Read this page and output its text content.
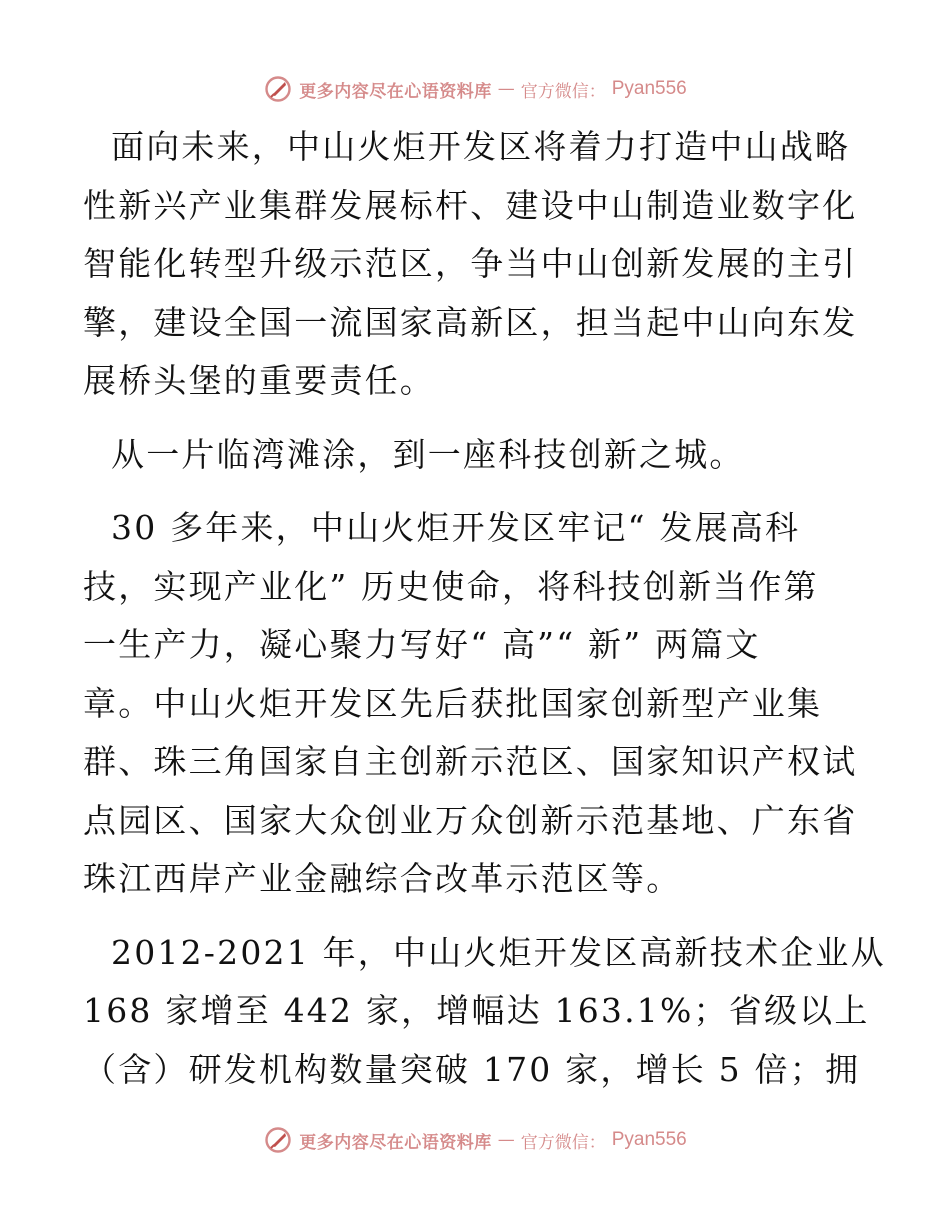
更多内容尽在心语资料库 — 官方微信： Pyan556

面向未来，中山火炬开发区将着力打造中山战略
性新兴产业集群发展标杆、建设中山制造业数字化
智能化转型升级示范区，争当中山创新发展的主引
擎，建设全国一流国家高新区，担当起中山向东发
展桥头堡的重要责任。

从一片临湾滩涂，到一座科技创新之城。

30 多年来，中山火炬开发区牢记“ 发展高科
技，实现产业化” 历史使命，将科技创新当作第
一生产力，凝心聚力写好“ 高”“ 新” 两篇文
章。中山火炬开发区先后获批国家创新型产业集
群、珠三角国家自主创新示范区、国家知识产权试
点园区、国家大众创业万众创新示范基地、广东省
珠江西岸产业金融综合改革示范区等。

2012-2021 年，中山火炬开发区高新技术企业从
168 家增至 442 家，增幅达 163.1%；省级以上
（含）研发机构数量突破 170 家，增长 5 倍；拥

更多内容尽在心语资料库 — 官方微信： Pyan556
